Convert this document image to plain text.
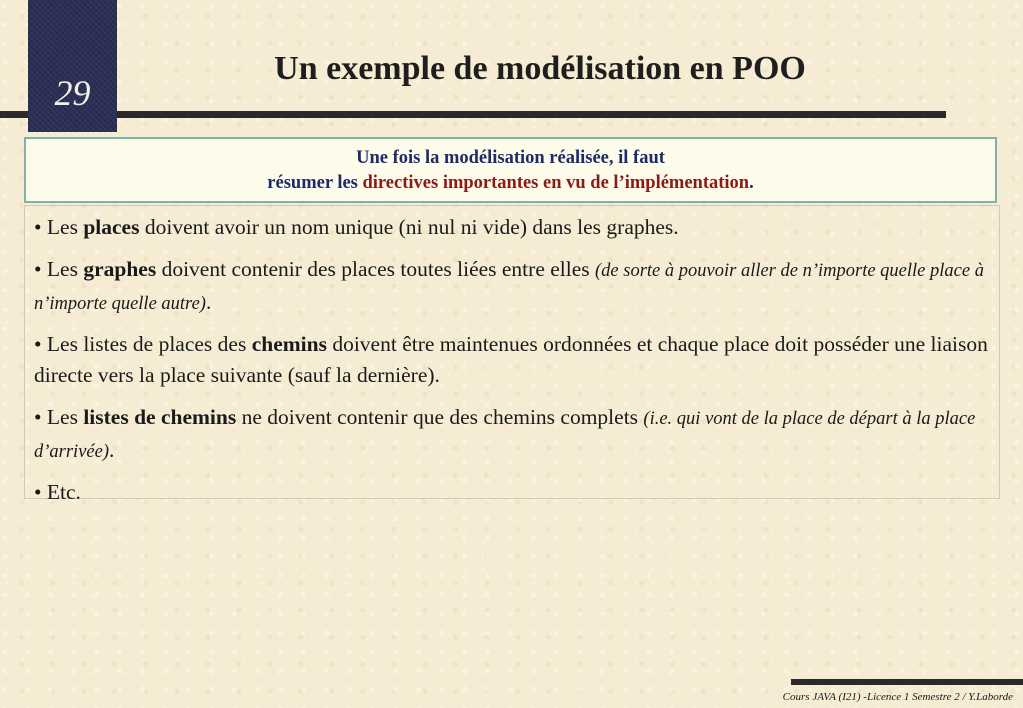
29
Un exemple de modélisation en POO
Une fois la modélisation réalisée, il faut
résumer les directives importantes en vu de l’implémentation.

• Les places doivent avoir un nom unique (ni nul ni vide) dans les graphes.

• Les graphes doivent contenir des places toutes liées entre elles (de sorte à pouvoir aller de n’importe quelle place à n’importe quelle autre).

• Les listes de places des chemins doivent être maintenues ordonnées et chaque place doit posséder une liaison directe vers la place suivante (sauf la dernière).

• Les listes de chemins ne doivent contenir que des chemins complets (i.e. qui vont de la place de départ à la place d’arrivée).

• Etc.

Cours JAVA (I21) -Licence 1 Semestre 2 / Y.Laborde
